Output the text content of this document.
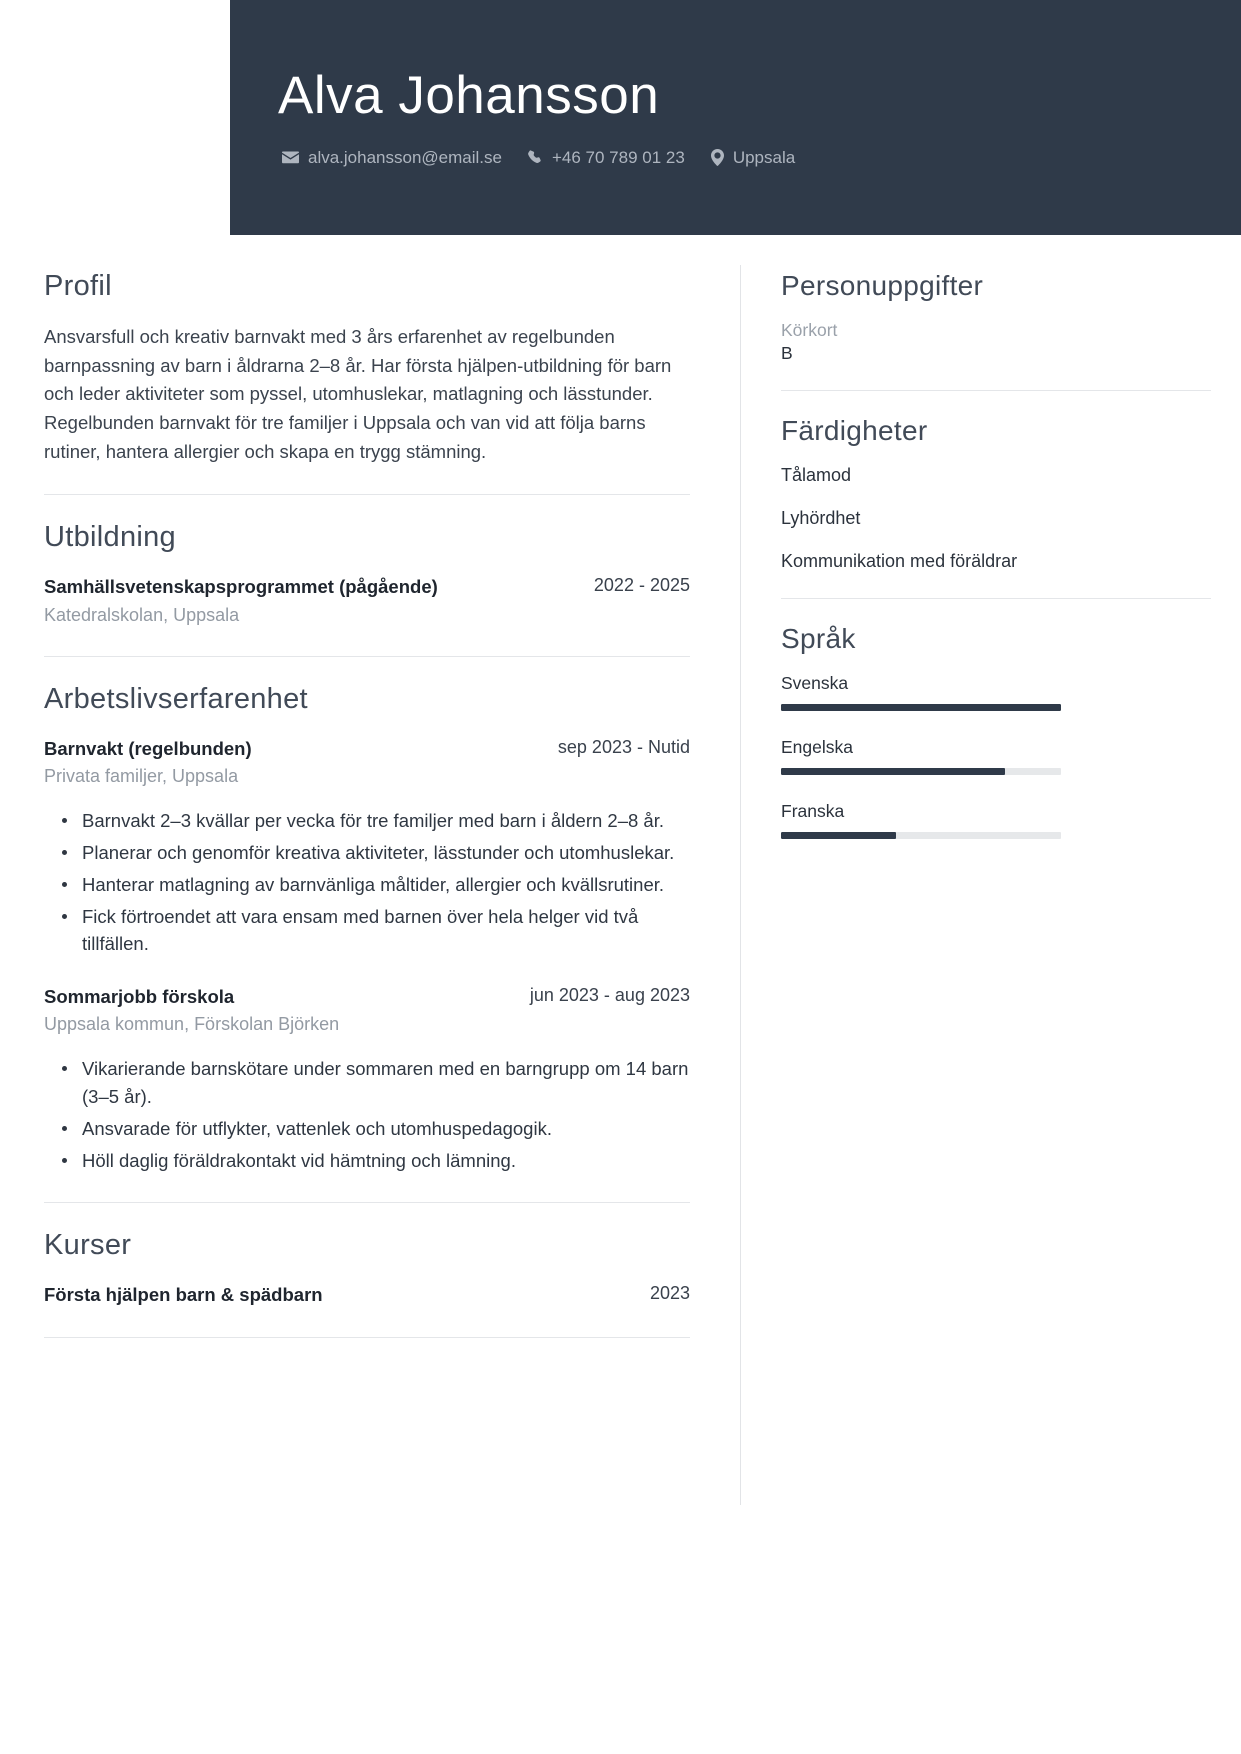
Alva Johansson
alva.johansson@email.se	+46 70 789 01 23	Uppsala
Profil

Ansvarsfull och kreativ barnvakt med 3 års erfarenhet av regelbunden barnpassning av barn i åldrarna 2–8 år. Har första hjälpen-utbildning för barn och leder aktiviteter som pyssel, utomhuslekar, matlagning och lässtunder. Regelbunden barnvakt för tre familjer i Uppsala och van vid att följa barns rutiner, hantera allergier och skapa en trygg stämning.

Utbildning
Samhällsvetenskapsprogrammet (pågående)	2022 - 2025
Katedralskolan, Uppsala
Arbetslivserfarenhet
Barnvakt (regelbunden)	sep 2023 - Nutid
Privata familjer, Uppsala
Barnvakt 2–3 kvällar per vecka för tre familjer med barn i åldern 2–8 år.
Planerar och genomför kreativa aktiviteter, lässtunder och utomhuslekar.
Hanterar matlagning av barnvänliga måltider, allergier och kvällsrutiner.
Fick förtroendet att vara ensam med barnen över hela helger vid två tillfällen.
Sommarjobb förskola	jun 2023 - aug 2023
Uppsala kommun, Förskolan Björken
Vikarierande barnskötare under sommaren med en barngrupp om 14 barn (3–5 år).
Ansvarade för utflykter, vattenlek och utomhuspedagogik.
Höll daglig föräldrakontakt vid hämtning och lämning.
Kurser
Första hjälpen barn & spädbarn	2023
Personuppgifter
Körkort
B
Färdigheter
Tålamod
Lyhördhet
Kommunikation med föräldrar
Språk
Svenska
Engelska
Franska
